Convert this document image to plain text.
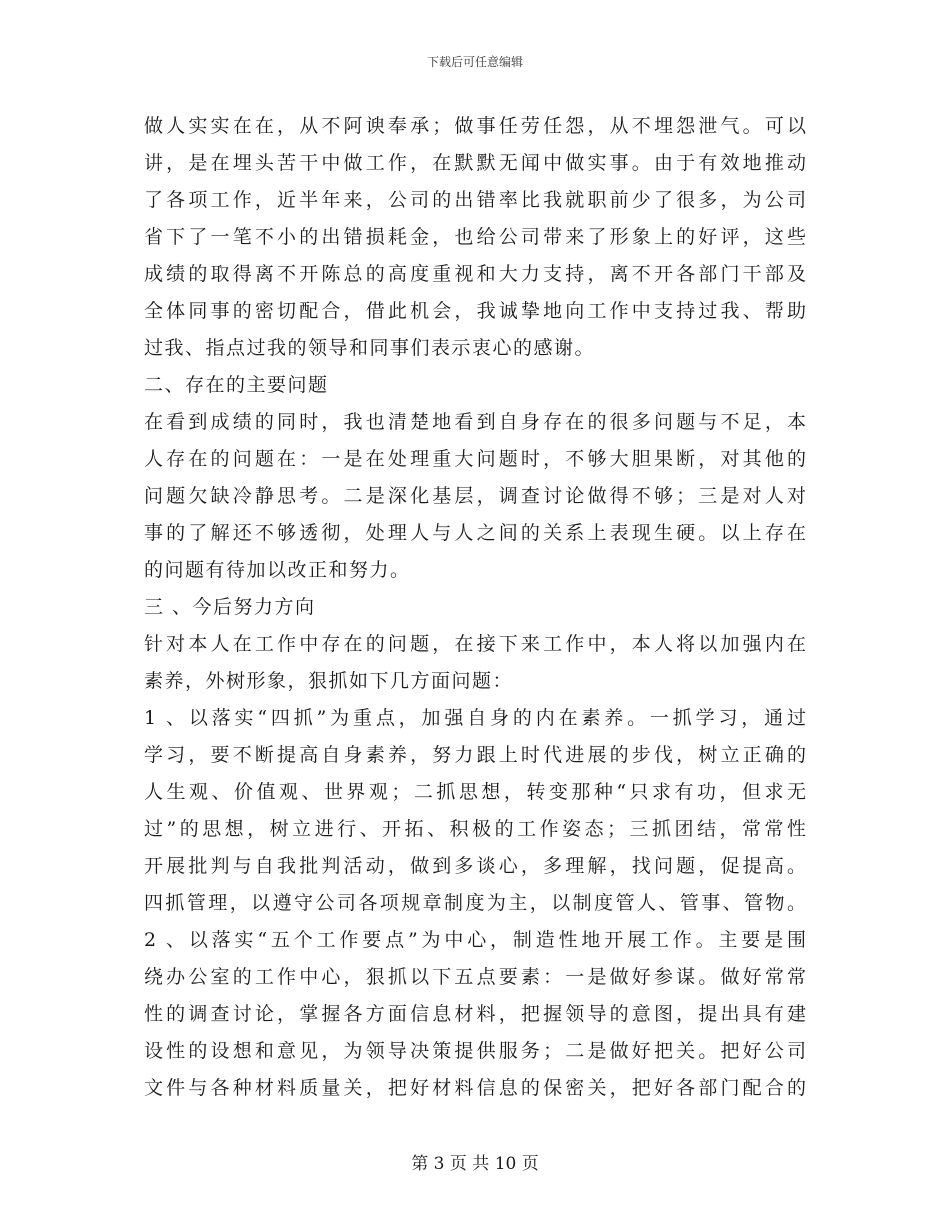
下载后可任意编辑
做人实实在在，从不阿谀奉承；做事任劳任怨，从不埋怨泄气。可以
讲，是在埋头苦干中做工作，在默默无闻中做实事。由于有效地推动
了各项工作，近半年来，公司的出错率比我就职前少了很多，为公司
省下了一笔不小的出错损耗金，也给公司带来了形象上的好评，这些
成绩的取得离不开陈总的高度重视和大力支持，离不开各部门干部及
全体同事的密切配合，借此机会，我诚挚地向工作中支持过我、帮助
过我、指点过我的领导和同事们表示衷心的感谢。
二、存在的主要问题
在看到成绩的同时，我也清楚地看到自身存在的很多问题与不足，本
人存在的问题在：一是在处理重大问题时，不够大胆果断，对其他的
问题欠缺冷静思考。二是深化基层，调查讨论做得不够；三是对人对
事的了解还不够透彻，处理人与人之间的关系上表现生硬。以上存在
的问题有待加以改正和努力。
三 、今后努力方向
针对本人在工作中存在的问题，在接下来工作中，本人将以加强内在
素养，外树形象，狠抓如下几方面问题：
1 、以落实“四抓”为重点，加强自身的内在素养。一抓学习，通过
学习，要不断提高自身素养，努力跟上时代进展的步伐，树立正确的
人生观、价值观、世界观；二抓思想，转变那种“只求有功，但求无
过”的思想，树立进行、开拓、积极的工作姿态；三抓团结，常常性
开展批判与自我批判活动，做到多谈心，多理解，找问题，促提高。
四抓管理，以遵守公司各项规章制度为主，以制度管人、管事、管物。
2 、以落实“五个工作要点”为中心，制造性地开展工作。主要是围
绕办公室的工作中心，狠抓以下五点要素：一是做好参谋。做好常常
性的调查讨论，掌握各方面信息材料，把握领导的意图，提出具有建
设性的设想和意见，为领导决策提供服务；二是做好把关。把好公司
文件与各种材料质量关，把好材料信息的保密关，把好各部门配合的
第 3 页 共 10 页
